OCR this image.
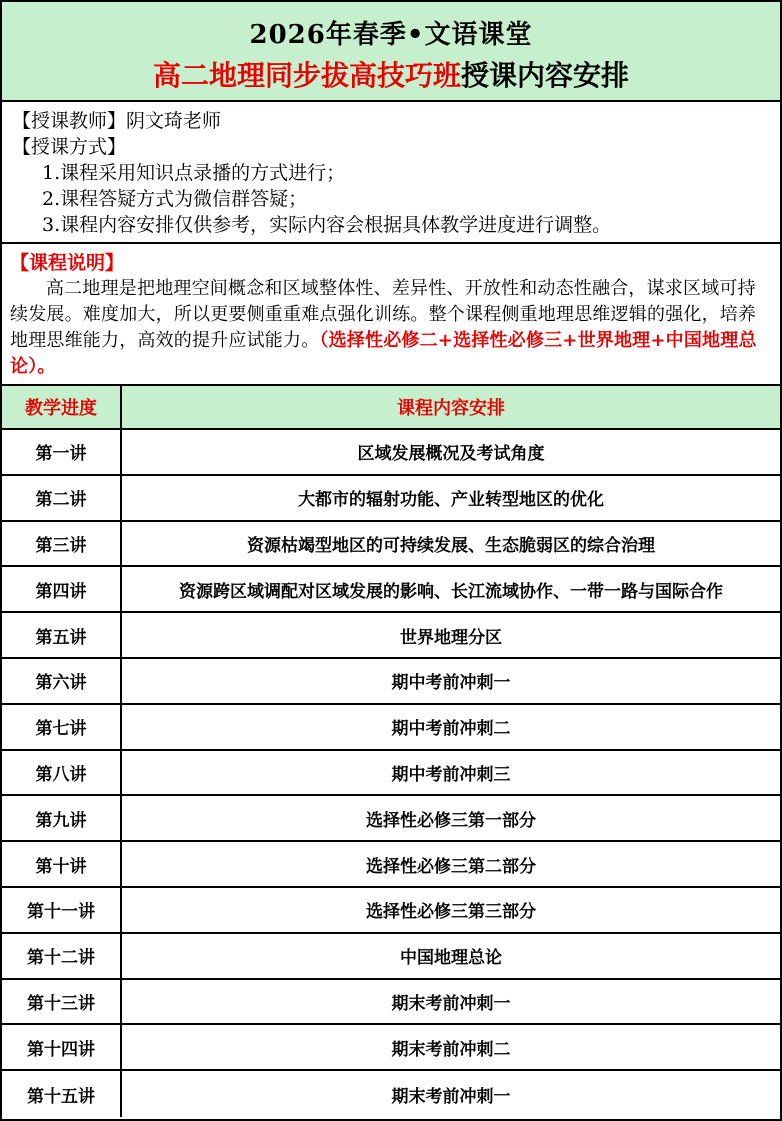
2026年春季•文语课堂
高二地理同步拔高技巧班授课内容安排
【授课教师】阴文琦老师
【授课方式】
1.课程采用知识点录播的方式进行；
2.课程答疑方式为微信群答疑；
3.课程内容安排仅供参考，实际内容会根据具体教学进度进行调整。
【课程说明】
高二地理是把地理空间概念和区域整体性、差异性、开放性和动态性融合，谋求区域可持续发展。难度加大，所以更要侧重重难点强化训练。整个课程侧重地理思维逻辑的强化，培养地理思维能力，高效的提升应试能力。（选择性必修二+选择性必修三+世界地理+中国地理总论）。
教学进度	课程内容安排
第一讲	区域发展概况及考试角度
第二讲	大都市的辐射功能、产业转型地区的优化
第三讲	资源枯竭型地区的可持续发展、生态脆弱区的综合治理
第四讲	资源跨区域调配对区域发展的影响、长江流域协作、一带一路与国际合作
第五讲	世界地理分区
第六讲	期中考前冲刺一
第七讲	期中考前冲刺二
第八讲	期中考前冲刺三
第九讲	选择性必修三第一部分
第十讲	选择性必修三第二部分
第十一讲	选择性必修三第三部分
第十二讲	中国地理总论
第十三讲	期末考前冲刺一
第十四讲	期末考前冲刺二
第十五讲	期末考前冲刺一
